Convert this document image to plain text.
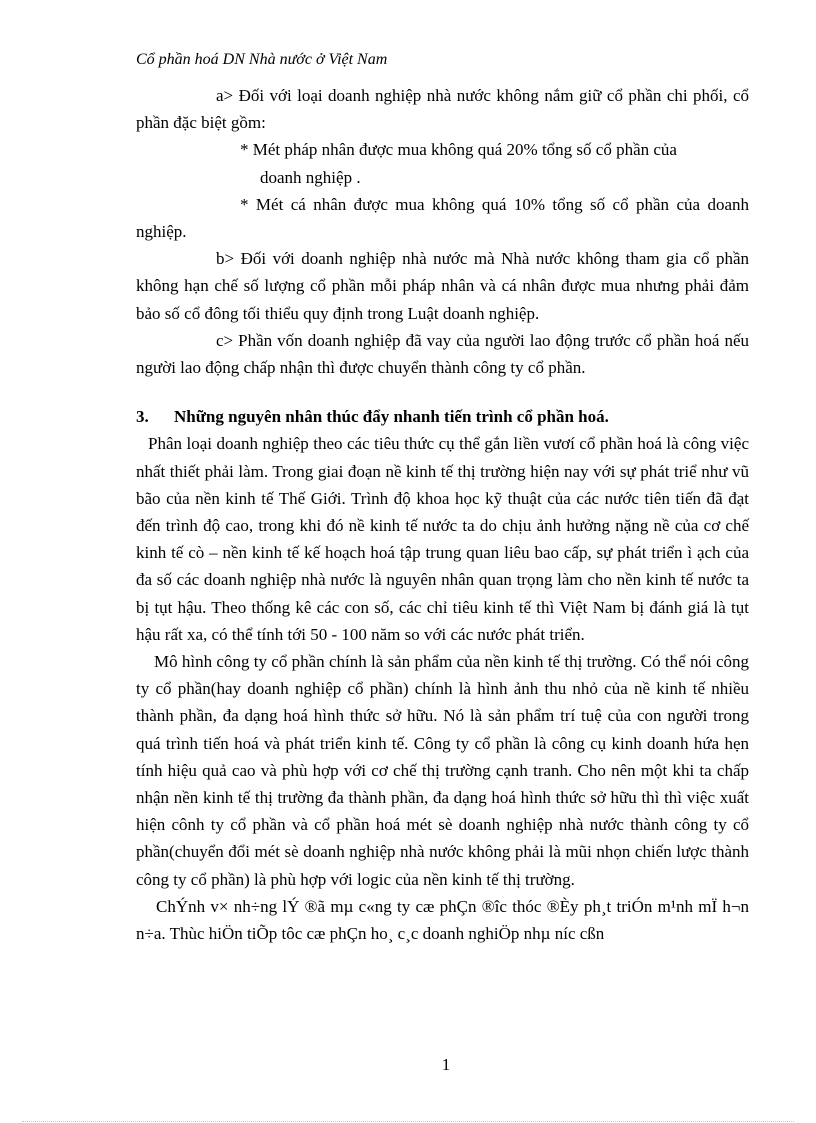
Cổ phần hoá DN Nhà nước ở Việt Nam

a> Đối với loại doanh nghiệp nhà nước không nắm giữ cổ phần chi phối, cổ phần đặc biệt gồm:

* Mét pháp nhân được mua không quá 20% tổng số cổ phần của

doanh nghiệp .

* Mét cá nhân được mua không quá 10% tổng số cổ phần của doanh nghiệp.

b> Đối với doanh nghiệp nhà nước mà Nhà nước không tham gia cổ phần không hạn chế số lượng cổ phần mỗi pháp nhân và cá nhân được mua nhưng phải đảm bảo số cổ đông tối thiểu quy định trong Luật doanh nghiệp.

c> Phần vốn doanh nghiệp đã vay của người lao động trước cổ phần hoá nếu người lao động chấp nhận thì được chuyển thành công ty cổ phần.

3. Những nguyên nhân thúc đẩy nhanh tiến trình cổ phần hoá.

Phân loại doanh nghiệp theo các tiêu thức cụ thể gắn liền vươí cổ phần hoá là công việc nhất thiết phải làm. Trong giai đoạn nề kinh tế thị trường hiện nay với sự phát triể như vũ bão của nền kinh tế Thế Giới. Trình độ khoa học kỹ thuật của các nước tiên tiến đã đạt đến trình độ cao, trong khi đó nề kinh tế nước ta do chịu ảnh hưởng nặng nề của cơ chế kinh tế cò – nền kinh tế kế hoạch hoá tập trung quan liêu bao cấp, sự phát triển ì ạch của đa số các doanh nghiệp nhà nước là nguyên nhân quan trọng làm cho nền kinh tế nước ta bị tụt hậu. Theo thống kê các con số, các chỉ tiêu kinh tế thì Việt Nam bị đánh giá là tụt hậu rất xa, có thể tính tới 50 - 100 năm so với các nước phát triển.

Mô hình công ty cổ phần chính là sản phẩm của nền kinh tế thị trường. Có thể nói công ty cổ phần(hay doanh nghiệp cổ phần) chính là hình ảnh thu nhỏ của nề kinh tế nhiều thành phần, đa dạng hoá hình thức sở hữu. Nó là sản phẩm trí tuệ của con người trong quá trình tiến hoá và phát triển kinh tế. Công ty cổ phần là công cụ kinh doanh hứa hẹn tính hiệu quả cao và phù hợp với cơ chế thị trường cạnh tranh. Cho nên một khi ta chấp nhận nền kinh tế thị trường đa thành phần, đa dạng hoá hình thức sở hữu thì thì việc xuất hiện cônh ty cổ phần và cổ phần hoá mét sè doanh nghiệp nhà nước thành công ty cổ phần(chuyển đổi mét sè doanh nghiệp nhà nước không phải là mũi nhọn chiến lược thành công ty cổ phần) là phù hợp với logic của nền kinh tế thị trường.

ChÝnh v× nh÷ng lÝ ®ã mµ c«ng ty cæ phÇn ®îc thóc ®Èy ph¸t triÓn m¹nh mÏ h¬n n÷a. Thùc hiÖn tiÕp tôc cæ phÇn ho¸ c¸c doanh nghiÖp nhµ níc cßn

1
